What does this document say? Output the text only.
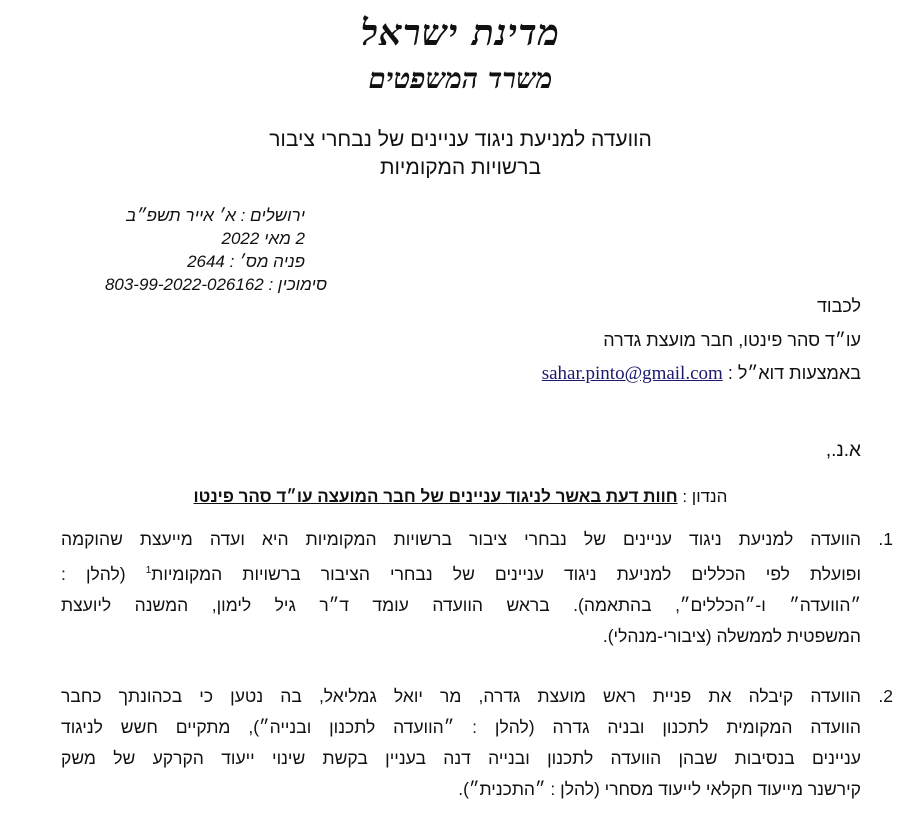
מדינת ישראל
משרד המשפטים
הוועדה למניעת ניגוד עניינים של נבחרי ציבור
ברשויות המקומיות
ירושלים : א׳ אייר תשפ״ב
2 מאי 2022
פניה מס׳ : 2644
סימוכין : 803-99-2022-026162
לכבוד
עו״ד סהר פינטו, חבר מועצת גדרה
באמצעות דוא״ל : sahar.pinto@gmail.com
א.נ.,
הנדון : חוות דעת באשר לניגוד עניינים של חבר המועצה עו״ד סהר פינטו
1.
הוועדה למניעת ניגוד עניינים של נבחרי ציבור ברשויות המקומיות היא ועדה מייעצת שהוקמה
ופועלת לפי הכללים למניעת ניגוד עניינים של נבחרי הציבור ברשויות המקומיות$^1$ (להלן :
״הוועדה״ ו-״הכללים״, בהתאמה). בראש הוועדה עומד ד״ר גיל לימון, המשנה ליועצת
המשפטית לממשלה (ציבורי-מנהלי).
2.
הוועדה קיבלה את פניית ראש מועצת גדרה, מר יואל גמליאל, בה נטען כי בכהונתך כחבר
הוועדה המקומית לתכנון ובניה גדרה (להלן : ״הוועדה לתכנון ובנייה״), מתקיים חשש לניגוד
עניינים בנסיבות שבהן הוועדה לתכנון ובנייה דנה בעניין בקשת שינוי ייעוד הקרקע של משק
קירשנר מייעוד חקלאי לייעוד מסחרי (להלן : ״התכנית״).
